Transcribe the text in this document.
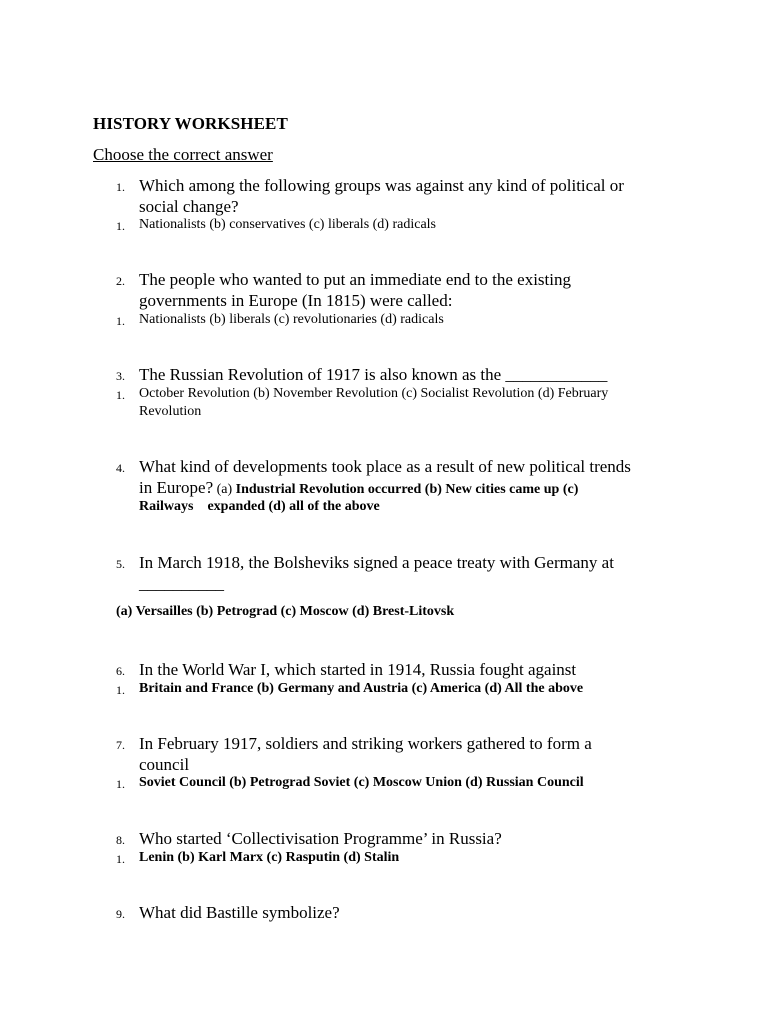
HISTORY WORKSHEET
Choose the correct answer
1. Which among the following groups was against any kind of political or
social change?
1. Nationalists (b) conservatives (c) liberals (d) radicals
2. The people who wanted to put an immediate end to the existing
governments in Europe (In 1815) were called:
1. Nationalists (b) liberals (c) revolutionaries (d) radicals
3. The Russian Revolution of 1917 is also known as the ____________
1. October Revolution (b) November Revolution (c) Socialist Revolution (d) February
Revolution
4. What kind of developments took place as a result of new political trends
in Europe? (a) Industrial Revolution occurred (b) New cities came up (c)
Railways    expanded (d) all of the above
5. In March 1918, the Bolsheviks signed a peace treaty with Germany at
__________
(a) Versailles (b) Petrograd (c) Moscow (d) Brest-Litovsk
6. In the World War I, which started in 1914, Russia fought against
1. Britain and France (b) Germany and Austria (c) America (d) All the above
7. In February 1917, soldiers and striking workers gathered to form a
council
1. Soviet Council (b) Petrograd Soviet (c) Moscow Union (d) Russian Council
8. Who started ‘Collectivisation Programme’ in Russia?
1. Lenin (b) Karl Marx (c) Rasputin (d) Stalin
9. What did Bastille symbolize?
